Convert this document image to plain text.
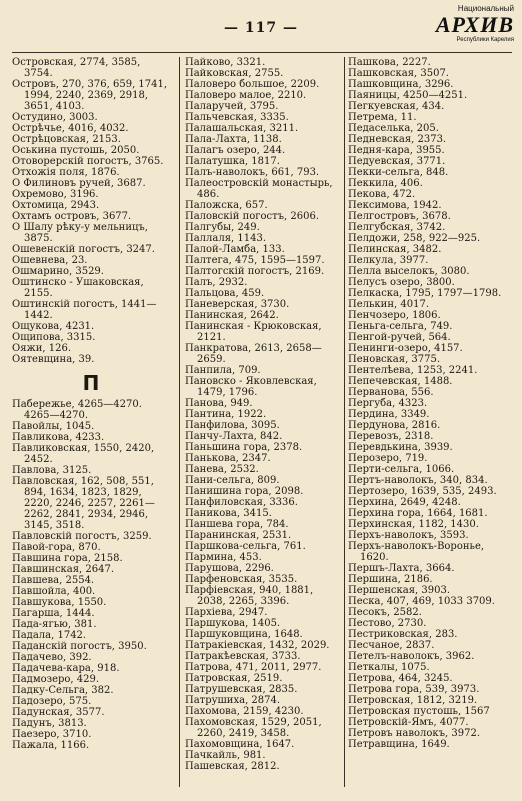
— 117 —
Национальный
АРХИВ
Республики Карелия
Островская, 2774, 3585, 3754.
Островъ, 270, 376, 659, 1741, 1994, 2240, 2369, 2918, 3651, 4103.
Остудино, 3003.
Острѣчье, 4016, 4032.
Острѣцовская, 2153.
Оськина пустошь, 2050.
Отоворерскій погостъ, 3765.
Отхожія поля, 1876.
О Филиновъ ручей, 3687.
Охремово, 3196.
Охтомица, 2943.
Охтамъ островъ, 3677.
О Шалу рѣку-у мельницъ, 3875.
Ошевенскій погостъ, 3247.
Ошевнева, 23.
Ошмарино, 3529.
Оштинско - Ушаковская, 2155.
Оштинскій погостъ, 1441—1442.
Ощукова, 4231.
Ощипова, 3315.
Ояжи, 126.
Оятевщина, 39.
П
Пабережье, 4265—4270. 4265—4270.
Павойлы, 1045.
Павликова, 4233.
Павликовская, 1550, 2420, 2452.
Павлова, 3125.
Павловская, 162, 508, 551, 894, 1634, 1823, 1829, 2220, 2246, 2257, 2261—2262, 2841, 2934, 2946, 3145, 3518.
Павловскій погостъ, 3259.
Павой-гора, 870.
Павшина гора, 2158.
Павшинская, 2647.
Павшева, 2554.
Павшойла, 400.
Павшукова, 1550.
Пагарша, 1444.
Пада-ягью, 381.
Падала, 1742.
Паданскій погостъ, 3950.
Падачево, 392.
Падачева-кара, 918.
Падмозеро, 429.
Падку-Сельга, 382.
Падозеро, 575.
Падунская, 3577.
Падунъ, 3813.
Паезеро, 3710.
Пажала, 1166.
Пайково, 3321.
Пайковская, 2755.
Паловеро большое, 2209.
Паловеро малое, 2210.
Паларучей, 3795.
Пальчевская, 3335.
Палашальская, 3211.
Пала-Лахта, 1138.
Палагъ озеро, 244.
Палатушка, 1817.
Палъ-наволокъ, 661, 793.
Палеостровскій монастырь, 486.
Паложска, 657.
Паловскій погостъ, 2606.
Палгубы, 249.
Паллаля, 1143.
Палой-Ламба, 133.
Палтега, 475, 1595—1597.
Палтогскій погостъ, 2169.
Палъ, 2932.
Пальцова, 459.
Паневерская, 3730.
Панинская, 2642.
Панинская - Крюковская, 2121.
Панкратова, 2613, 2658—2659.
Панпила, 709.
Пановско - Яковлевская, 1479, 1796.
Панова, 949.
Пантина, 1922.
Панфилова, 3095.
Панчу-Лахта, 842.
Паньшина гора, 2378.
Панькова, 2347.
Панева, 2532.
Пани-сельга, 809.
Панишина гора, 2098.
Панфиловская, 3336.
Паникова, 3415.
Паншева гора, 784.
Паранинская, 2531.
Паршкова-сельга, 761.
Пармина, 453.
Парушова, 2296.
Парфеновская, 3535.
Парфіевская, 940, 1881, 2038, 2265, 3396.
Пархіева, 2947.
Паршукова, 1405.
Паршуковщина, 1648.
Патракіевская, 1432, 2029.
Патракѣевская, 3733.
Патрова, 471, 2011, 2977.
Патровская, 2519.
Патрушевская, 2835.
Патрушиха, 2874.
Пахомова, 2159, 4230.
Пахомовская, 1529, 2051, 2260, 2419, 3458.
Пахомовщина, 1647.
Пачкайль, 981.
Пашевская, 2812.
Пашкова, 2227.
Пашковская, 3507.
Пашковщина, 3296.
Паяницы, 4250—4251.
Пегкуевская, 434.
Петрема, 11.
Педаселька, 205.
Педневская, 2373.
Педня-кара, 3955.
Педуевская, 3771.
Пекки-сельга, 848.
Пеккила, 406.
Пекова, 472.
Пексимова, 1942.
Пелгостровъ, 3678.
Пелгубская, 3742.
Пелдожи, 258, 922—925.
Пелинская, 3482.
Пелкула, 3977.
Пелла выселокъ, 3080.
Пелусъ озеро, 3800.
Пелкаска, 1795, 1797—1798.
Пелькин, 4017.
Пенчозеро, 1806.
Пеньга-сельга, 749.
Пенгой-ручей, 564.
Пенинги-озеро, 4157.
Пеновская, 3775.
Пентелѣева, 1253, 2241.
Пепечевская, 1488.
Перванова, 556.
Пергуба, 4323.
Пердина, 3349.
Пердунова, 2816.
Перевозъ, 2318.
Перевдькина, 3939.
Перозеро, 719.
Перти-сельга, 1066.
Пертъ-наволокъ, 340, 834.
Пертозеро, 1639, 535, 2493.
Перхина, 2649, 4248.
Перхина гора, 1664, 1681.
Перхинская, 1182, 1430.
Перхъ-наволокъ, 3593.
Перхъ-наволокъ-Вороньe, 1620.
Першъ-Лахта, 3664.
Першина, 2186.
Першенская, 3903.
Песка, 407, 469, 1033 3709.
Песокъ, 2582.
Пестово, 2730.
Пестриковская, 283.
Песчаное, 2837.
Петелъ-наволокъ, 3962.
Петкалы, 1075.
Петрова, 464, 3245.
Петрова гора, 539, 3973.
Петровская, 1812, 3219.
Петровская пустошь, 1567
Петровскій-Ямъ, 4077.
Петровъ наволокъ, 3972.
Петравщина, 1649.
